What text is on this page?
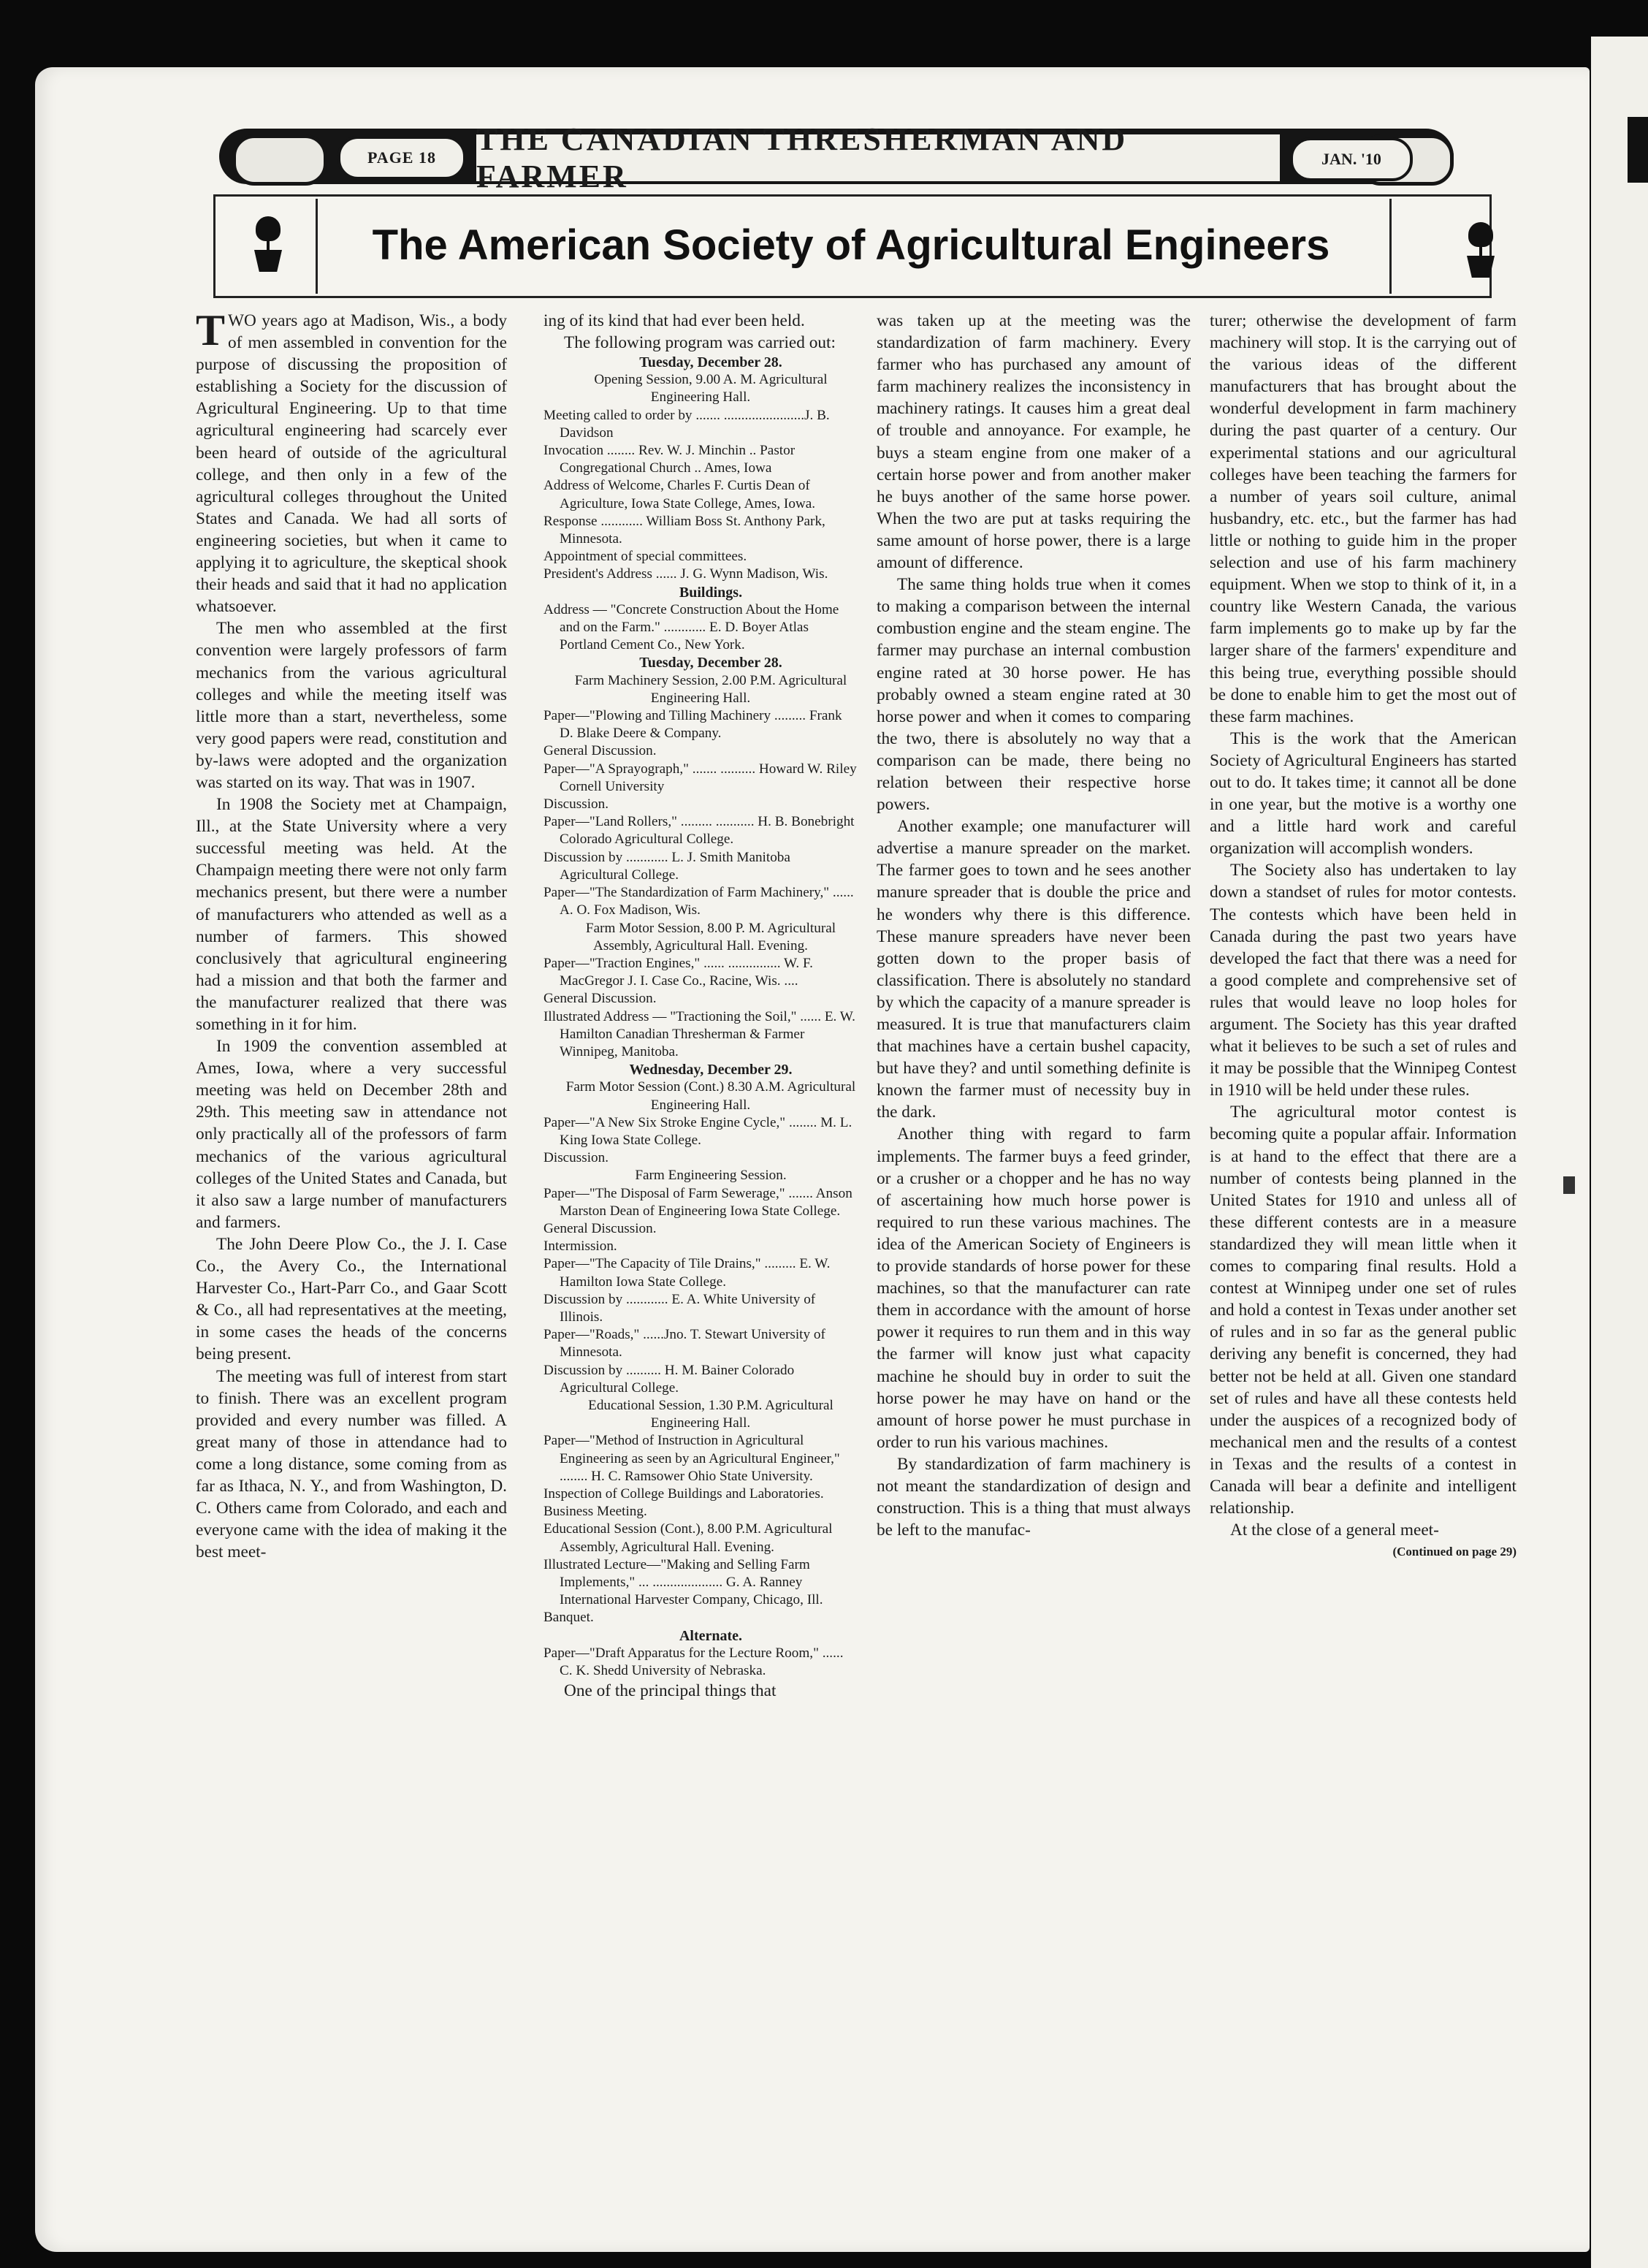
PAGE 18
THE CANADIAN THRESHERMAN AND FARMER	JAN. '10
The American Society of Agricultural Engineers

TWO years ago at Madison, Wis., a body of men assembled in convention for the purpose of discussing the proposition of establishing a Society for the discussion of Agricultural Engineering. Up to that time agricultural engineering had scarcely ever been heard of outside of the agricultural college, and then only in a few of the agricultural colleges throughout the United States and Canada. We had all sorts of engineering societies, but when it came to applying it to agriculture, the skeptical shook their heads and said that it had no application whatsoever.

The men who assembled at the first convention were largely professors of farm mechanics from the various agricultural colleges and while the meeting itself was little more than a start, nevertheless, some very good papers were read, constitution and by-laws were adopted and the organization was started on its way. That was in 1907.

In 1908 the Society met at Champaign, Ill., at the State University where a very successful meeting was held. At the Champaign meeting there were not only farm mechanics present, but there were a number of manufacturers who attended as well as a number of farmers. This showed conclusively that agricultural engineering had a mission and that both the farmer and the manufacturer realized that there was something in it for him.

In 1909 the convention assembled at Ames, Iowa, where a very successful meeting was held on December 28th and 29th. This meeting saw in attendance not only practically all of the professors of farm mechanics of the various agricultural colleges of the United States and Canada, but it also saw a large number of manufacturers and farmers.

The John Deere Plow Co., the J. I. Case Co., the Avery Co., the International Harvester Co., Hart-Parr Co., and Gaar Scott & Co., all had representatives at the meeting, in some cases the heads of the concerns being present.

The meeting was full of interest from start to finish. There was an excellent program provided and every number was filled. A great many of those in attendance had to come a long distance, some coming from as far as Ithaca, N. Y., and from Washington, D. C. Others came from Colorado, and each and everyone came with the idea of making it the best meet-

ing of its kind that had ever been held.

The following program was carried out:

Tuesday, December 28.

Opening Session, 9.00 A. M. Agricultural Engineering Hall.

Meeting called to order by ....... .......................J. B. Davidson

Invocation ........ Rev. W. J. Minchin .. Pastor Congregational Church .. Ames, Iowa

Address of Welcome, Charles F. Curtis Dean of Agriculture, Iowa State College, Ames, Iowa.

Response ............ William Boss St. Anthony Park, Minnesota.

Appointment of special committees.

President's Address ...... J. G. Wynn Madison, Wis.

Buildings.

Address — "Concrete Construction About the Home and on the Farm." ............ E. D. Boyer Atlas Portland Cement Co., New York.

Tuesday, December 28.

Farm Machinery Session, 2.00 P.M. Agricultural Engineering Hall.

Paper—"Plowing and Tilling Machinery ......... Frank D. Blake Deere & Company.

General Discussion.

Paper—"A Sprayograph," ....... .......... Howard W. Riley Cornell University

Discussion.

Paper—"Land Rollers," ......... ........... H. B. Bonebright Colorado Agricultural College.

Discussion by ............ L. J. Smith Manitoba Agricultural College.

Paper—"The Standardization of Farm Machinery," ...... A. O. Fox Madison, Wis.

Farm Motor Session, 8.00 P. M. Agricultural Assembly, Agricultural Hall. Evening.

Paper—"Traction Engines," ...... ............... W. F. MacGregor J. I. Case Co., Racine, Wis. ....

General Discussion.

Illustrated Address — "Tractioning the Soil," ...... E. W. Hamilton Canadian Thresherman & Farmer Winnipeg, Manitoba.

Wednesday, December 29.

Farm Motor Session (Cont.) 8.30 A.M. Agricultural Engineering Hall.

Paper—"A New Six Stroke Engine Cycle," ........ M. L. King Iowa State College.

Discussion.

Farm Engineering Session.

Paper—"The Disposal of Farm Sewerage," ....... Anson Marston Dean of Engineering Iowa State College.

General Discussion.

Intermission.

Paper—"The Capacity of Tile Drains," ......... E. W. Hamilton Iowa State College.

Discussion by ............ E. A. White University of Illinois.

Paper—"Roads," ......Jno. T. Stewart University of Minnesota.

Discussion by .......... H. M. Bainer Colorado Agricultural College.

Educational Session, 1.30 P.M. Agricultural Engineering Hall.

Paper—"Method of Instruction in Agricultural Engineering as seen by an Agricultural Engineer," ........ H. C. Ramsower Ohio State University.

Inspection of College Buildings and Laboratories.

Business Meeting.

Educational Session (Cont.), 8.00 P.M. Agricultural Assembly, Agricultural Hall. Evening.

Illustrated Lecture—"Making and Selling Farm Implements," ... .................... G. A. Ranney International Harvester Company, Chicago, Ill.

Banquet.

Alternate.

Paper—"Draft Apparatus for the Lecture Room," ...... C. K. Shedd University of Nebraska.

One of the principal things that

was taken up at the meeting was the standardization of farm machinery. Every farmer who has purchased any amount of farm machinery realizes the inconsistency in machinery ratings. It causes him a great deal of trouble and annoyance. For example, he buys a steam engine from one maker of a certain horse power and from another maker he buys another of the same horse power. When the two are put at tasks requiring the same amount of horse power, there is a large amount of difference.

The same thing holds true when it comes to making a comparison between the internal combustion engine and the steam engine. The farmer may purchase an internal combustion engine rated at 30 horse power. He has probably owned a steam engine rated at 30 horse power and when it comes to comparing the two, there is absolutely no way that a comparison can be made, there being no relation between their respective horse powers.

Another example; one manufacturer will advertise a manure spreader on the market. The farmer goes to town and he sees another manure spreader that is double the price and he wonders why there is this difference. These manure spreaders have never been gotten down to the proper basis of classification. There is absolutely no standard by which the capacity of a manure spreader is measured. It is true that manufacturers claim that machines have a certain bushel capacity, but have they? and until something definite is known the farmer must of necessity buy in the dark.

Another thing with regard to farm implements. The farmer buys a feed grinder, or a crusher or a chopper and he has no way of ascertaining how much horse power is required to run these various machines. The idea of the American Society of Engineers is to provide standards of horse power for these machines, so that the manufacturer can rate them in accordance with the amount of horse power it requires to run them and in this way the farmer will know just what capacity machine he should buy in order to suit the horse power he may have on hand or the amount of horse power he must purchase in order to run his various machines.

By standardization of farm machinery is not meant the standardization of design and construction. This is a thing that must always be left to the manufac-

turer; otherwise the development of farm machinery will stop. It is the carrying out of the various ideas of the different manufacturers that has brought about the wonderful development in farm machinery during the past quarter of a century. Our experimental stations and our agricultural colleges have been teaching the farmers for a number of years soil culture, animal husbandry, etc. etc., but the farmer has had little or nothing to guide him in the proper selection and use of his farm machinery equipment. When we stop to think of it, in a country like Western Canada, the various farm implements go to make up by far the larger share of the farmers' expenditure and this being true, everything possible should be done to enable him to get the most out of these farm machines.

This is the work that the American Society of Agricultural Engineers has started out to do. It takes time; it cannot all be done in one year, but the motive is a worthy one and a little hard work and careful organization will accomplish wonders.

The Society also has undertaken to lay down a standset of rules for motor contests. The contests which have been held in Canada during the past two years have developed the fact that there was a need for a good complete and comprehensive set of rules that would leave no loop holes for argument. The Society has this year drafted what it believes to be such a set of rules and it may be possible that the Winnipeg Contest in 1910 will be held under these rules.

The agricultural motor contest is becoming quite a popular affair. Information is at hand to the effect that there are a number of contests being planned in the United States for 1910 and unless all of these different contests are in a measure standardized they will mean little when it comes to comparing final results. Hold a contest at Winnipeg under one set of rules and hold a contest in Texas under another set of rules and in so far as the general public deriving any benefit is concerned, they had better not be held at all. Given one standard set of rules and have all these contests held under the auspices of a recognized body of mechanical men and the results of a contest in Texas and the results of a contest in Canada will bear a definite and intelligent relationship.

At the close of a general meet-

(Continued on page 29)
